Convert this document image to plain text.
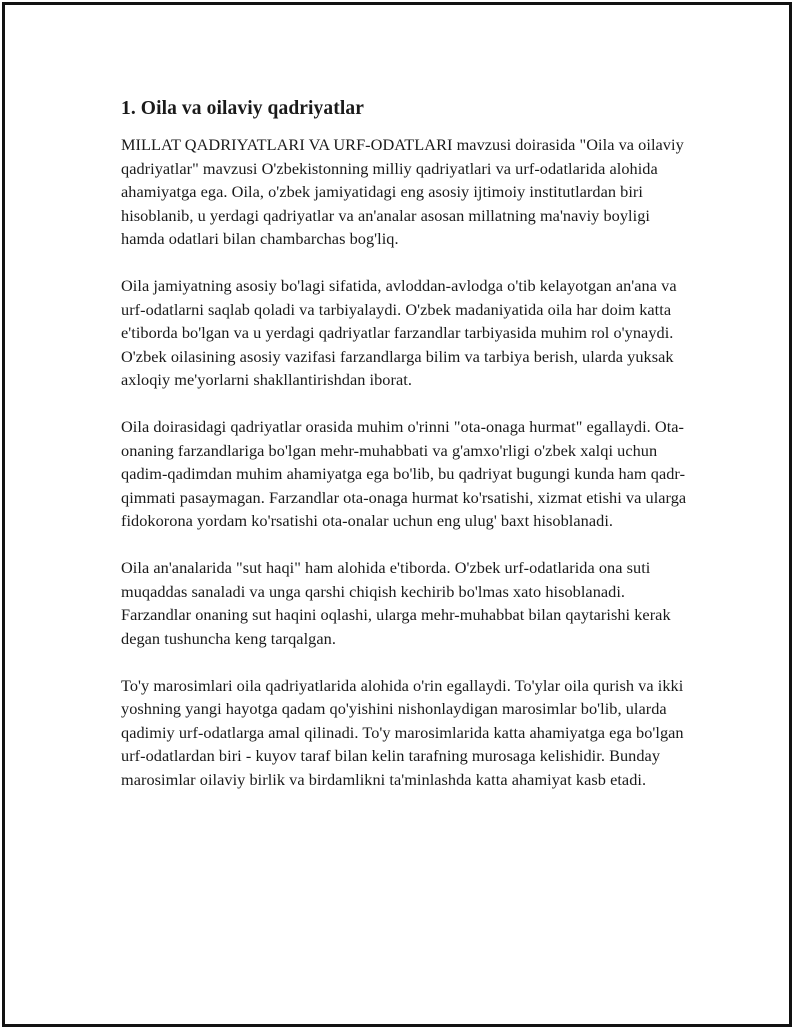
1. Oila va oilaviy qadriyatlar

MILLAT QADRIYATLARI VA URF-ODATLARI mavzusi doirasida "Oila va oilaviy qadriyatlar" mavzusi O'zbekistonning milliy qadriyatlari va urf-odatlarida alohida ahamiyatga ega. Oila, o'zbek jamiyatidagi eng asosiy ijtimoiy institutlardan biri hisoblanib, u yerdagi qadriyatlar va an'analar asosan millatning ma'naviy boyligi hamda odatlari bilan chambarchas bog'liq.

Oila jamiyatning asosiy bo'lagi sifatida, avloddan-avlodga o'tib kelayotgan an'ana va urf-odatlarni saqlab qoladi va tarbiyalaydi. O'zbek madaniyatida oila har doim katta e'tiborda bo'lgan va u yerdagi qadriyatlar farzandlar tarbiyasida muhim rol o'ynaydi. O'zbek oilasining asosiy vazifasi farzandlarga bilim va tarbiya berish, ularda yuksak axloqiy me'yorlarni shakllantirishdan iborat.

Oila doirasidagi qadriyatlar orasida muhim o'rinni "ota-onaga hurmat" egallaydi. Ota-onaning farzandlariga bo'lgan mehr-muhabbati va g'amxo'rligi o'zbek xalqi uchun qadim-qadimdan muhim ahamiyatga ega bo'lib, bu qadriyat bugungi kunda ham qadr-qimmati pasaymagan. Farzandlar ota-onaga hurmat ko'rsatishi, xizmat etishi va ularga fidokorona yordam ko'rsatishi ota-onalar uchun eng ulug' baxt hisoblanadi.

Oila an'analarida "sut haqi" ham alohida e'tiborda. O'zbek urf-odatlarida ona suti muqaddas sanaladi va unga qarshi chiqish kechirib bo'lmas xato hisoblanadi. Farzandlar onaning sut haqini oqlashi, ularga mehr-muhabbat bilan qaytarishi kerak degan tushuncha keng tarqalgan.

To'y marosimlari oila qadriyatlarida alohida o'rin egallaydi. To'ylar oila qurish va ikki yoshning yangi hayotga qadam qo'yishini nishonlaydigan marosimlar bo'lib, ularda qadimiy urf-odatlarga amal qilinadi. To'y marosimlarida katta ahamiyatga ega bo'lgan urf-odatlardan biri - kuyov taraf bilan kelin tarafning murosaga kelishidir. Bunday marosimlar oilaviy birlik va birdamlikni ta'minlashda katta ahamiyat kasb etadi.
